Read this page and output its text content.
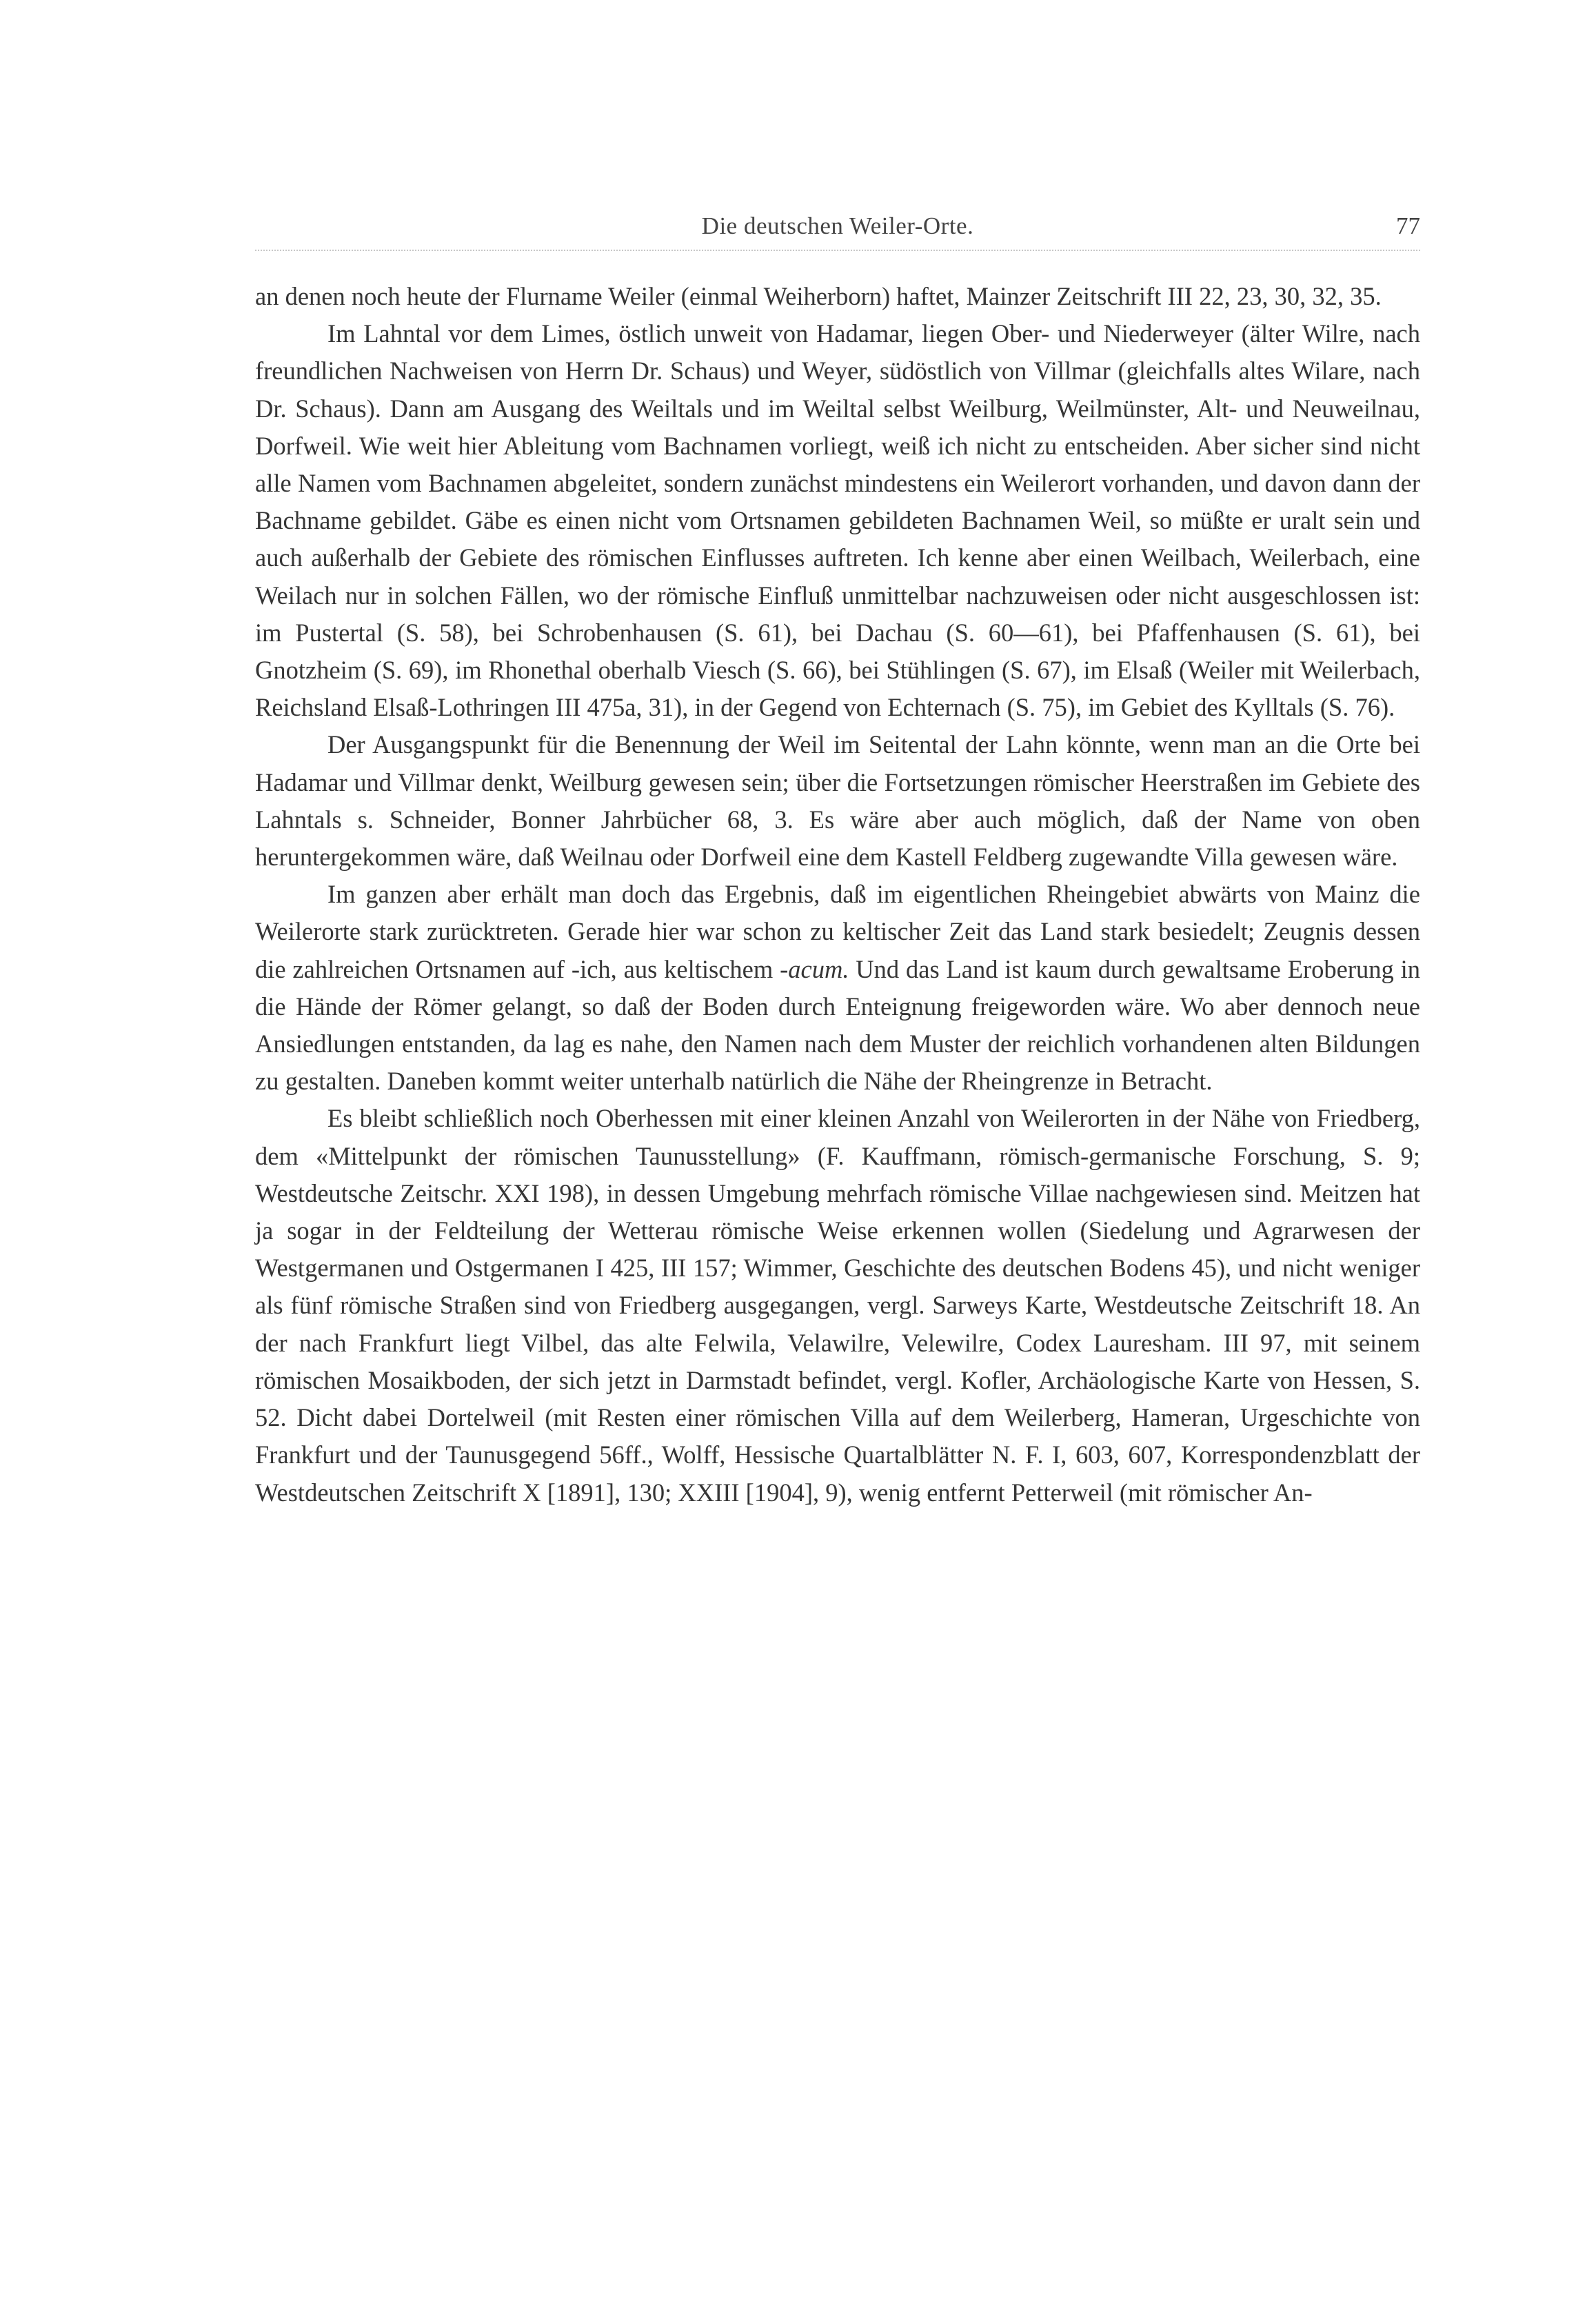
Die deutschen Weiler-Orte.	77

an denen noch heute der Flurname Weiler (einmal Weiherborn) haftet, Mainzer Zeitschrift III 22, 23, 30, 32, 35.

Im Lahntal vor dem Limes, östlich unweit von Hadamar, liegen Ober- und Niederweyer (älter Wilre, nach freundlichen Nachweisen von Herrn Dr. Schaus) und Weyer, südöstlich von Villmar (gleichfalls altes Wilare, nach Dr. Schaus). Dann am Ausgang des Weiltals und im Weiltal selbst Weilburg, Weilmünster, Alt- und Neuweilnau, Dorfweil. Wie weit hier Ableitung vom Bachnamen vorliegt, weiß ich nicht zu entscheiden. Aber sicher sind nicht alle Namen vom Bachnamen abgeleitet, sondern zunächst mindestens ein Weilerort vorhanden, und davon dann der Bachname gebildet. Gäbe es einen nicht vom Ortsnamen gebildeten Bachnamen Weil, so müßte er uralt sein und auch außerhalb der Gebiete des römischen Einflusses auftreten. Ich kenne aber einen Weilbach, Weilerbach, eine Weilach nur in solchen Fällen, wo der römische Einfluß unmittelbar nachzuweisen oder nicht ausgeschlossen ist: im Pustertal (S. 58), bei Schrobenhausen (S. 61), bei Dachau (S. 60—61), bei Pfaffenhausen (S. 61), bei Gnotzheim (S. 69), im Rhonethal oberhalb Viesch (S. 66), bei Stühlingen (S. 67), im Elsaß (Weiler mit Weilerbach, Reichsland Elsaß-Lothringen III 475a, 31), in der Gegend von Echternach (S. 75), im Gebiet des Kylltals (S. 76).

Der Ausgangspunkt für die Benennung der Weil im Seitental der Lahn könnte, wenn man an die Orte bei Hadamar und Villmar denkt, Weilburg gewesen sein; über die Fortsetzungen römischer Heerstraßen im Gebiete des Lahntals s. Schneider, Bonner Jahrbücher 68, 3. Es wäre aber auch möglich, daß der Name von oben heruntergekommen wäre, daß Weilnau oder Dorfweil eine dem Kastell Feldberg zugewandte Villa gewesen wäre.

Im ganzen aber erhält man doch das Ergebnis, daß im eigentlichen Rheingebiet abwärts von Mainz die Weilerorte stark zurücktreten. Gerade hier war schon zu keltischer Zeit das Land stark besiedelt; Zeugnis dessen die zahlreichen Ortsnamen auf -ich, aus keltischem -acum. Und das Land ist kaum durch gewaltsame Eroberung in die Hände der Römer gelangt, so daß der Boden durch Enteignung freigeworden wäre. Wo aber dennoch neue Ansiedlungen entstanden, da lag es nahe, den Namen nach dem Muster der reichlich vorhandenen alten Bildungen zu gestalten. Daneben kommt weiter unterhalb natürlich die Nähe der Rheingrenze in Betracht.

Es bleibt schließlich noch Oberhessen mit einer kleinen Anzahl von Weilerorten in der Nähe von Friedberg, dem «Mittelpunkt der römischen Taunusstellung» (F. Kauffmann, römisch-germanische Forschung, S. 9; Westdeutsche Zeitschr. XXI 198), in dessen Umgebung mehrfach römische Villae nachgewiesen sind. Meitzen hat ja sogar in der Feldteilung der Wetterau römische Weise erkennen wollen (Siedelung und Agrarwesen der Westgermanen und Ostgermanen I 425, III 157; Wimmer, Geschichte des deutschen Bodens 45), und nicht weniger als fünf römische Straßen sind von Friedberg ausgegangen, vergl. Sarweys Karte, Westdeutsche Zeitschrift 18. An der nach Frankfurt liegt Vilbel, das alte Felwila, Velawilre, Velewilre, Codex Lauresham. III 97, mit seinem römischen Mosaikboden, der sich jetzt in Darmstadt befindet, vergl. Kofler, Archäologische Karte von Hessen, S. 52. Dicht dabei Dortelweil (mit Resten einer römischen Villa auf dem Weilerberg, Hameran, Urgeschichte von Frankfurt und der Taunusgegend 56ff., Wolff, Hessische Quartalblätter N. F. I, 603, 607, Korrespondenzblatt der Westdeutschen Zeitschrift X [1891], 130; XXIII [1904], 9), wenig entfernt Petterweil (mit römischer An-
